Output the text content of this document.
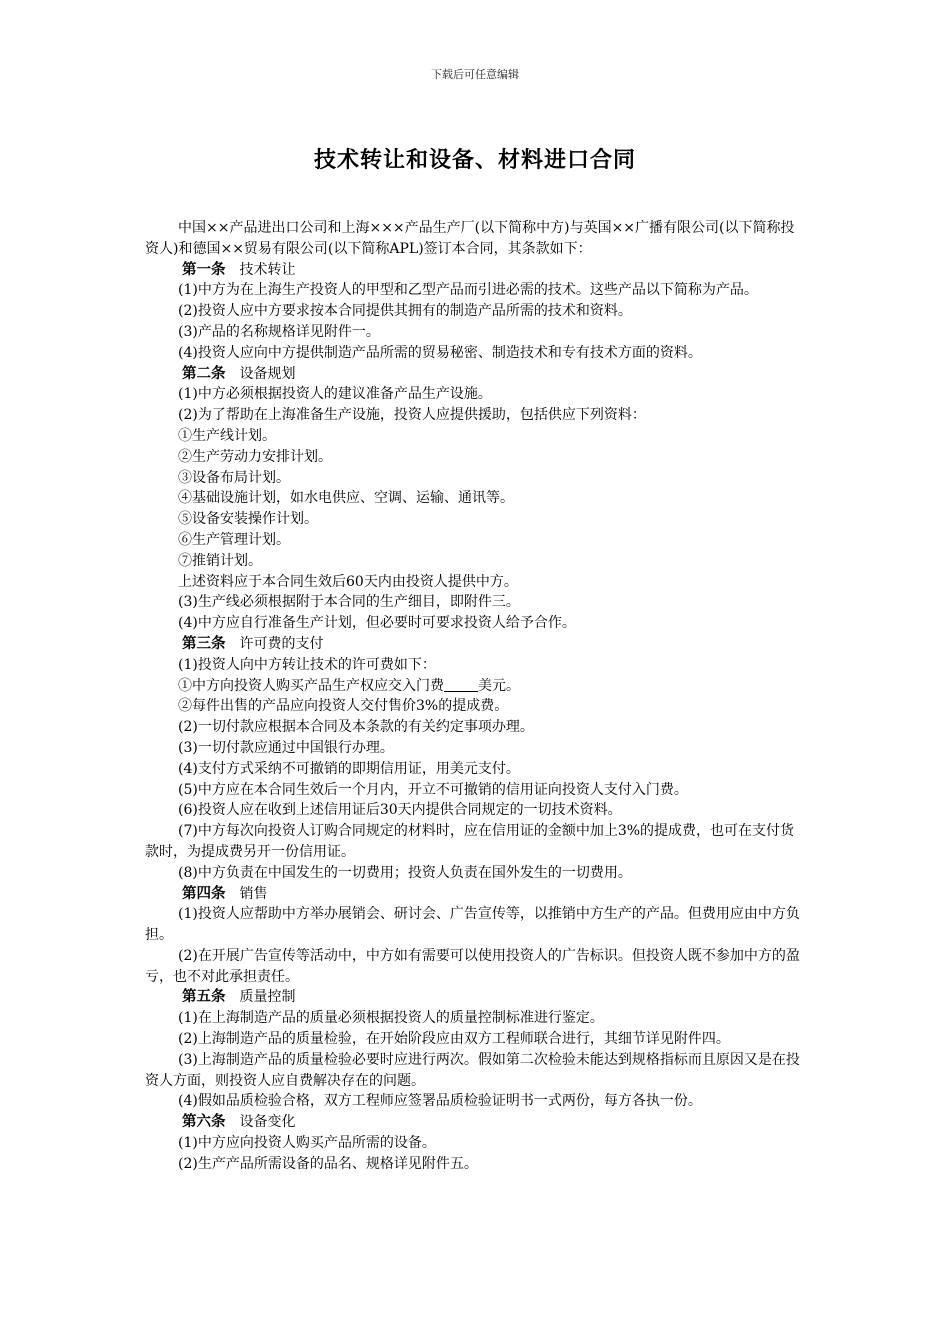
下载后可任意编辑
技术转让和设备、材料进口合同

中国××产品进出口公司和上海×××产品生产厂(以下简称中方)与英国××广播有限公司(以下简称投资人)和德国××贸易有限公司(以下简称APL)签订本合同，其条款如下：

第一条 技术转让

(1)中方为在上海生产投资人的甲型和乙型产品而引进必需的技术。这些产品以下简称为产品。

(2)投资人应中方要求按本合同提供其拥有的制造产品所需的技术和资料。

(3)产品的名称规格详见附件一。

(4)投资人应向中方提供制造产品所需的贸易秘密、制造技术和专有技术方面的资料。

第二条 设备规划

(1)中方必须根据投资人的建议准备产品生产设施。

(2)为了帮助在上海准备生产设施，投资人应提供援助，包括供应下列资料：

①生产线计划。

②生产劳动力安排计划。

③设备布局计划。

④基础设施计划，如水电供应、空调、运输、通讯等。

⑤设备安装操作计划。

⑥生产管理计划。

⑦推销计划。

上述资料应于本合同生效后60天内由投资人提供中方。

(3)生产线必须根据附于本合同的生产细目，即附件三。

(4)中方应自行准备生产计划，但必要时可要求投资人给予合作。

第三条 许可费的支付

(1)投资人向中方转让技术的许可费如下：

①中方向投资人购买产品生产权应交入门费 美元。

②每件出售的产品应向投资人交付售价3%的提成费。

(2)一切付款应根据本合同及本条款的有关约定事项办理。

(3)一切付款应通过中国银行办理。

(4)支付方式采纳不可撤销的即期信用证，用美元支付。

(5)中方应在本合同生效后一个月内，开立不可撤销的信用证向投资人支付入门费。

(6)投资人应在收到上述信用证后30天内提供合同规定的一切技术资料。

(7)中方每次向投资人订购合同规定的材料时，应在信用证的金额中加上3%的提成费，也可在支付货款时，为提成费另开一份信用证。

(8)中方负责在中国发生的一切费用；投资人负责在国外发生的一切费用。

第四条 销售

(1)投资人应帮助中方举办展销会、研讨会、广告宣传等，以推销中方生产的产品。但费用应由中方负担。

(2)在开展广告宣传等活动中，中方如有需要可以使用投资人的广告标识。但投资人既不参加中方的盈亏，也不对此承担责任。

第五条 质量控制

(1)在上海制造产品的质量必须根据投资人的质量控制标准进行鉴定。

(2)上海制造产品的质量检验，在开始阶段应由双方工程师联合进行，其细节详见附件四。

(3)上海制造产品的质量检验必要时应进行两次。假如第二次检验未能达到规格指标而且原因又是在投资人方面，则投资人应自费解决存在的问题。

(4)假如品质检验合格，双方工程师应签署品质检验证明书一式两份，每方各执一份。

第六条 设备变化

(1)中方应向投资人购买产品所需的设备。

(2)生产产品所需设备的品名、规格详见附件五。
